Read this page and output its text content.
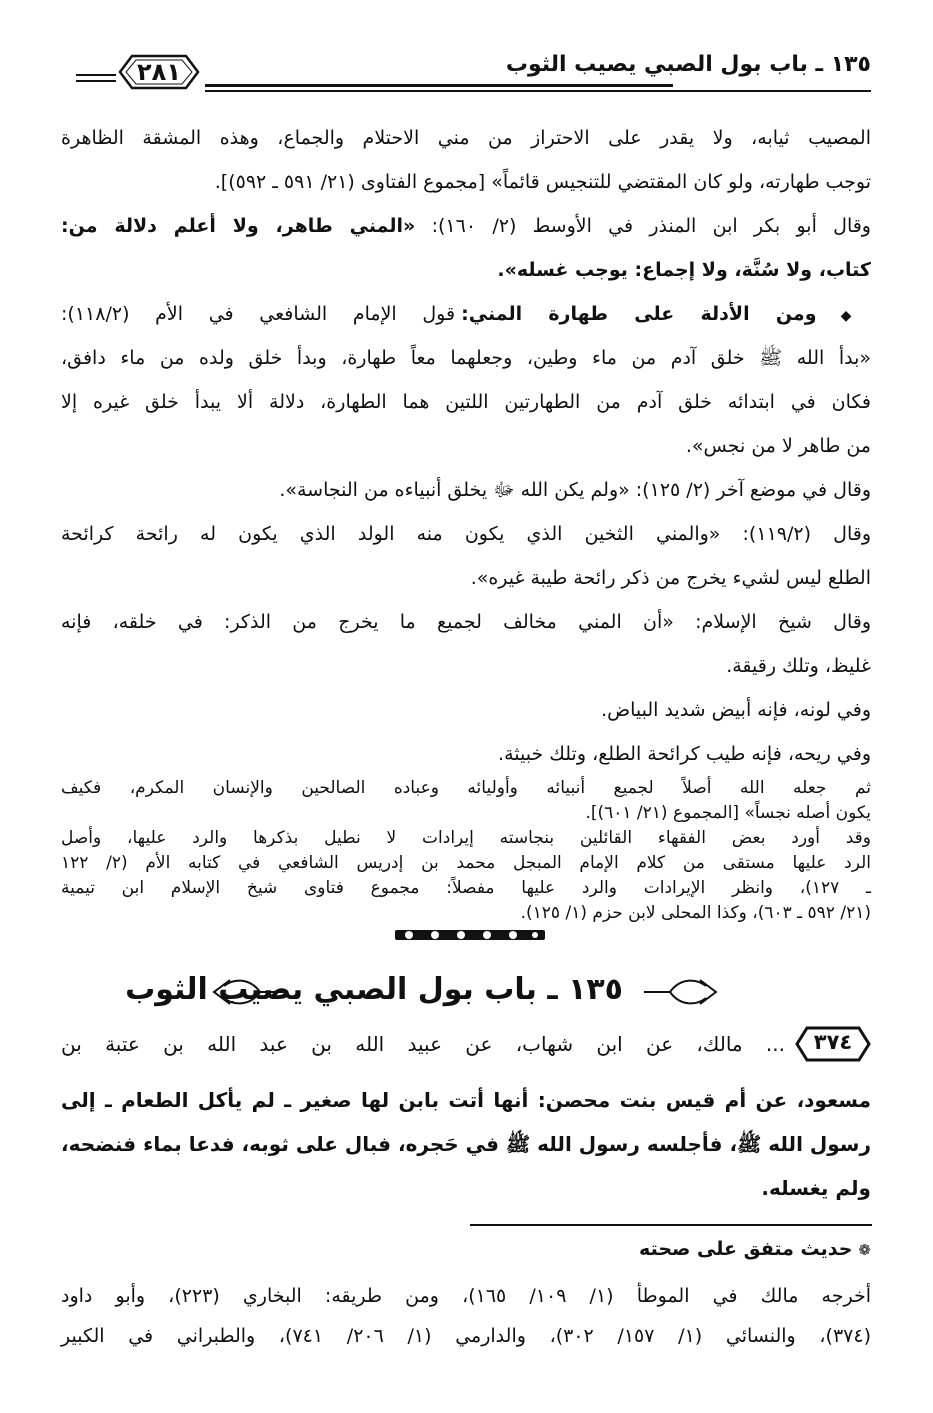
١٣٥ ـ باب بول الصبي يصيب الثوب
٢٨١
المصيب ثيابه، ولا يقدر على الاحتراز من مني الاحتلام والجماع، وهذه المشقة الظاهرة
توجب طهارته، ولو كان المقتضي للتنجيس قائماً» [مجموع الفتاوى (٢١/ ٥٩١ ـ ٥٩٢)].
وقال أبو بكر ابن المنذر في الأوسط (٢/ ١٦٠): «المني طاهر، ولا أعلم دلالة من:
كتاب، ولا سُنَّة، ولا إجماع: يوجب غسله».
◆ ومن الأدلة على طهارة المني: قول الإمام الشافعي في الأم (١١٨/٢):
«بدأ الله ﷺ خلق آدم من ماء وطين، وجعلهما معاً طهارة، وبدأ خلق ولده من ماء دافق،
فكان في ابتدائه خلق آدم من الطهارتين اللتين هما الطهارة، دلالة ألا يبدأ خلق غيره إلا
من طاهر لا من نجس».
وقال في موضع آخر (٢/ ١٢٥): «ولم يكن الله ﷻ يخلق أنبياءه من النجاسة».
وقال (١١٩/٢): «والمني الثخين الذي يكون منه الولد الذي يكون له رائحة كرائحة
الطلع ليس لشيء يخرج من ذكر رائحة طيبة غيره».
وقال شيخ الإسلام: «أن المني مخالف لجميع ما يخرج من الذكر: في خلقه، فإنه
غليظ، وتلك رقيقة.
وفي لونه، فإنه أبيض شديد البياض.
وفي ريحه، فإنه طيب كرائحة الطلع، وتلك خبيثة.
١٣٥ ـ باب بول الصبي يصيب الثوب
٣٧٤
... مالك، عن ابن شهاب، عن عبيد الله بن عبد الله بن عتبة بن
مسعود، عن أم قيس بنت محصن: أنها أتت بابن لها صغير ـ لم يأكل الطعام ـ إلى
رسول الله ﷺ، فأجلسه رسول الله ﷺ في حَجره، فبال على ثوبه، فدعا بماء فنضحه،
ولم يغسله.
❁حديث متفق على صحته
أخرجه مالك في الموطأ (١/ ١٠٩/ ١٦٥)، ومن طريقه: البخاري (٢٢٣)، وأبو داود
(٣٧٤)، والنسائي (١/ ١٥٧/ ٣٠٢)، والدارمي (١/ ٢٠٦/ ٧٤١)، والطبراني في الكبير
ثم جعله الله أصلاً لجميع أنبيائه وأوليائه وعباده الصالحين والإنسان المكرم، فكيف
يكون أصله نجساً» [المجموع (٢١/ ٦٠١)].
وقد أورد بعض الفقهاء القائلين بنجاسته إيرادات لا نطيل بذكرها والرد عليها، وأصل
الرد عليها مستقى من كلام الإمام المبجل محمد بن إدريس الشافعي في كتابه الأم (٢/ ١٢٢
ـ ١٢٧)، وانظر الإيرادات والرد عليها مفصلاً: مجموع فتاوى شيخ الإسلام ابن تيمية
(٢١/ ٥٩٢ ـ ٦٠٣)، وكذا المحلى لابن حزم (١/ ١٢٥).
